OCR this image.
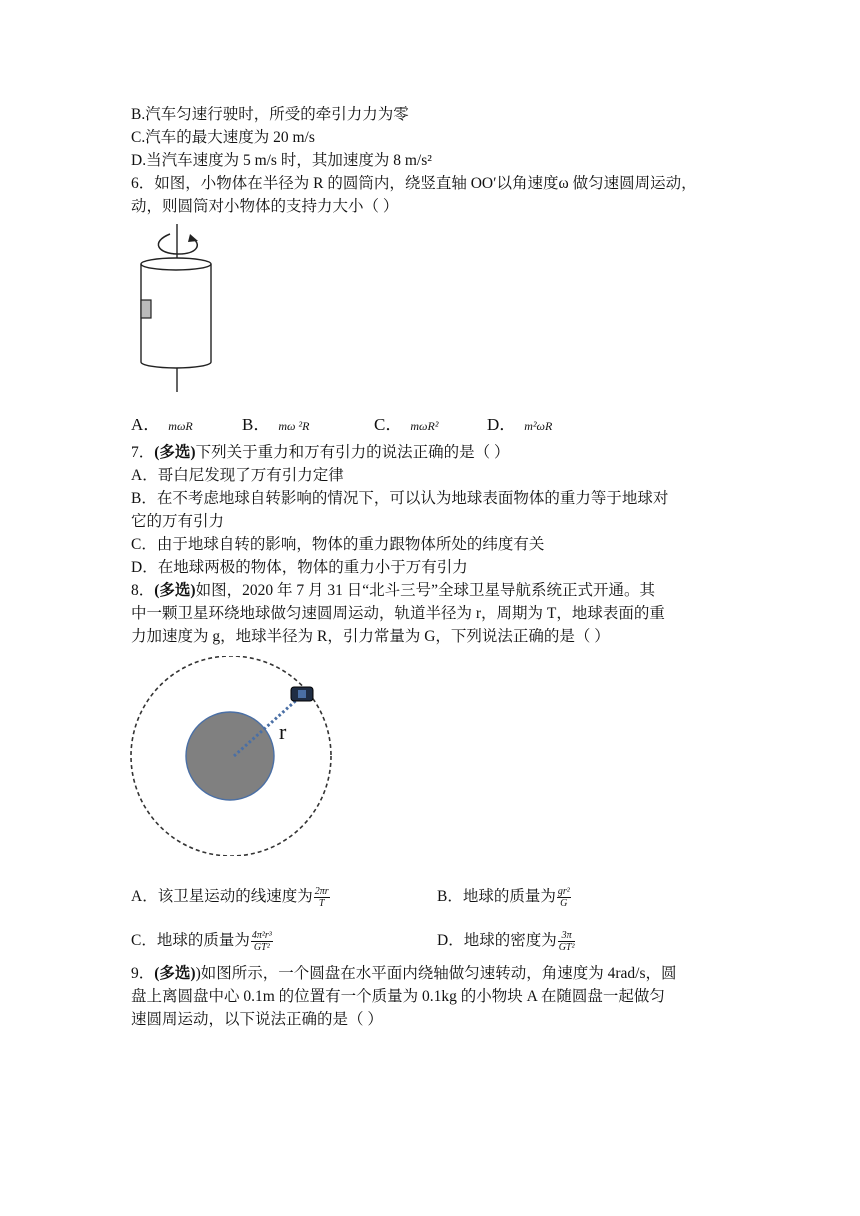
B.汽车匀速行驶时，所受的牵引力力为零
C.汽车的最大速度为 20 m/s
D.当汽车速度为 5 m/s 时，其加速度为 8 m/s²
6．如图，小物体在半径为 R 的圆筒内，绕竖直轴 OO′以角速度ω 做匀速圆周运动，
动，则圆筒对小物体的支持力大小（ ）
A． mωR	B． mω ²R	C． mωR²	D． m²ωR
7．(多选)下列关于重力和万有引力的说法正确的是（ ）
A．哥白尼发现了万有引力定律
B．在不考虑地球自转影响的情况下，可以认为地球表面物体的重力等于地球对
它的万有引力
C．由于地球自转的影响，物体的重力跟物体所处的纬度有关
D．在地球两极的物体，物体的重力小于万有引力
8．(多选)如图，2020 年 7 月 31 日“北斗三号”全球卫星导航系统正式开通。其
中一颗卫星环绕地球做匀速圆周运动，轨道半径为 r，周期为 T，地球表面的重
力加速度为 g，地球半径为 R，引力常量为 G，下列说法正确的是（ ）
r
A．该卫星运动的线速度为 $\frac{2\pi r}{T}$	B．地球的质量为 $\frac{\text{gr²}}{G}$
C．地球的质量为 $\frac{\text{4π²r³}}{\text{GT²}}$	D．地球的密度为 $\frac{3\pi}{\text{GT²}}$
9．(多选))如图所示，一个圆盘在水平面内绕轴做匀速转动，角速度为 4rad/s，圆
盘上离圆盘中心 0.1m 的位置有一个质量为 0.1kg 的小物块 A 在随圆盘一起做匀
速圆周运动，以下说法正确的是（ ）
